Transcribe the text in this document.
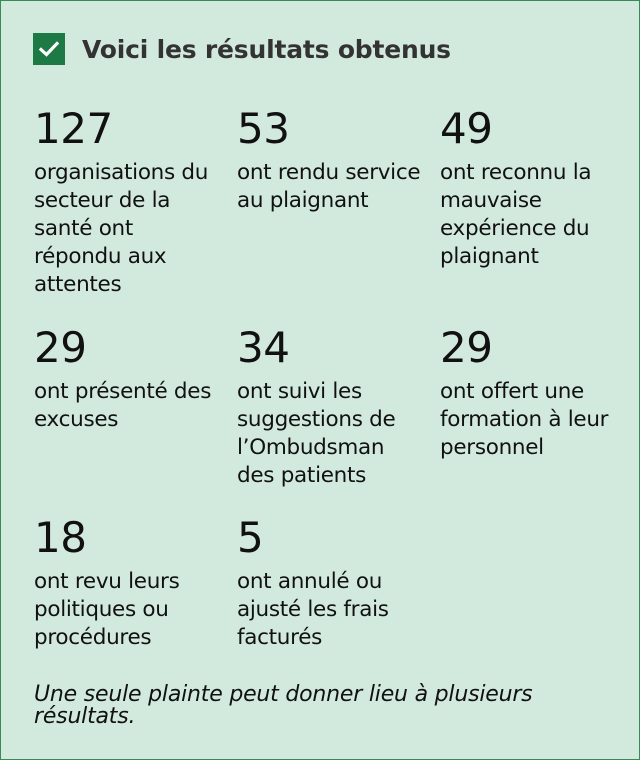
Voici les résultats obtenus
127
organisations du secteur de la santé ont répondu aux attentes
53
ont rendu service au plaignant
49
ont reconnu la mauvaise expérience du plaignant
29
ont présenté des excuses
34
ont suivi les suggestions de l’Ombudsman des patients
29
ont offert une formation à leur personnel
18
ont revu leurs politiques ou procédures
5
ont annulé ou ajusté les frais facturés
Une seule plainte peut donner lieu à plusieurs résultats.
